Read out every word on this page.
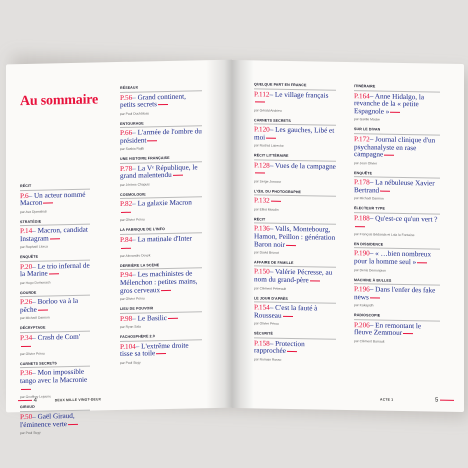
Au sommaire
RÉCIT
P.6– Un acteur nommé Macron
par Ava Djamshidi
STRATÉGIE
P.14– Macron, candidat Instagram
par Raphaël Llorca
ENQUÊTE
P.20– Le trio infernal de la Marine
par Hugo Domenach
GOURDE
P.26– Borloo va à la pêche
par Michaël Darmon
DÉCRYPTAGE
P.34– Crash de Com'
par Olivier Pérou
CARNETS SECRETS
P.36– Mon impossible tango avec la Macronie
par Geoffroy Lejeune
GIRAUD
P.50– Gaël Giraud, l'éminence verte
par Paul Sugy
RÉSEAUX
P.56– Grand continent, petits secrets
par Paul Duchâteau
ENTOURAGE
P.66– L'armée de l'ombre du président
par Saskia Rajib
UNE HISTOIRE FRANÇAISE
P.78– La Vᵉ République, le grand malentendu
par Jérôme Chapuis
COSMOLOGIE
P.82– La galaxie Macron
par Olivier Pérou
LA FABRIQUE DE L'INFO
P.84– La matinale d'Inter
par Alexandre Devyk
DERRIÈRE LA SCÈNE
P.94– Les machinistes de Mélenchon : petites mains, gros cerveaux
par Olivier Pérou
LIEU DE POUVOIR
P.98– Le Basilic
par Ryan Sala
FACHOSPHÈRE 2.0
P.104– L'extrême droite tisse sa toile
par Paul Sugy
4	DEUX MILLE VINGT-DEUX
QUELQUE PART EN FRANCE
P.112– Le village français
par Gérald Andrieu
CARNETS SECRETS
P.120– Les gauches, Libé et moi
par Rachid Laïreche
RÉCIT LITTÉRAIRE
P.128– Vues de la campagne
par Serge Joncour
L'ŒIL DU PHOTOGRAPHE
P.132
par Elliot Moudin
RÉCIT
P.136– Valls, Montebourg, Hamon, Peillon : génération Baron noir
par David Brunat
AFFAIRE DE FAMILLE
P.150– Valérie Pécresse, au nom du grand-père
par Clément Pétreault
LE JOUR D'APRÈS
P.154– C'est la fauté à Rousseau
par Olivier Pérou
SÉCURITÉ
P.158– Protection rapprochée
par Romain Rosso
ITINÉRAIRE
P.164– Anne Hidalgo, la revanche de la « petite Espagnole »
par Gaëlle Macke
SUR LE DIVAN
P.172– Journal clinique d'un psychanalyste en rase campagne
par Jean Olivier
ENQUÊTE
P.178– La nébuleuse Xavier Bertrand
par Michaël Darmon
ÉLECTEUR TYPE
P.188– Qu'est-ce qu'un vert ?
par François Bédarida et Lola la Fontaine
EN DISSIDENCE
P.190– « …bien nombreux pour la homme seul »
par Denis Demonpion
MACHINE À BULLES
P.196– Dans l'enfer des fake news
par Kakapidh
RADIOSCOPIE
P.206– En remontant le fleuve Zemmour
par Clément Barrault
ACTE 1	5
